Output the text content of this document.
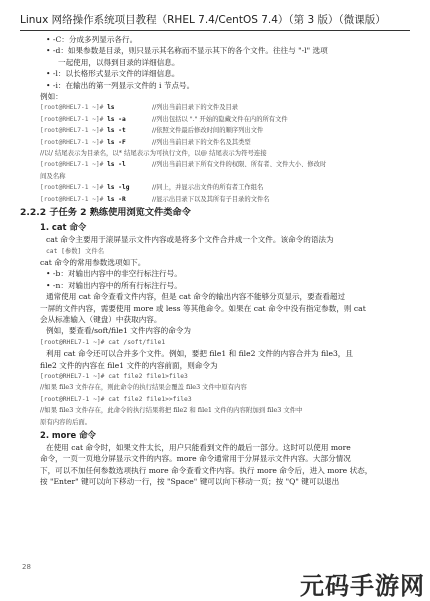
Linux 网络操作系统项目教程（RHEL 7.4/CentOS 7.4）（第 3 版）（微课版）
• -C：分成多列显示各行。
• -d：如果参数是目录，则只显示其名称而不显示其下的各个文件。往往与 "-l" 选项
一起使用，以得到目录的详细信息。
• -l：以长格形式显示文件的详细信息。
• -i：在输出的第一列显示文件的 i 节点号。
例如：
[root@RHEL7-1 ~]# ls	//列出当前目录下的文件及目录
[root@RHEL7-1 ~]# ls -a	//列出包括以 "." 开始的隐藏文件在内的所有文件
[root@RHEL7-1 ~]# ls -t	//依照文件最后修改时间的顺序列出文件
[root@RHEL7-1 ~]# ls -F	//列出当前目录下的文件名及其类型
//以/ 结尾表示为目录名，以* 结尾表示为可执行文件，以@ 结尾表示为符号连接
[root@RHEL7-1 ~]# ls -l	//列出当前目录下所有文件的权限、所有者、文件大小、修改时
间及名称
[root@RHEL7-1 ~]# ls -lg	//同上，并显示出文件的所有者工作组名
[root@RHEL7-1 ~]# ls -R	//显示出目录下以及其所有子目录的文件名
2.2.2 子任务 2 熟练使用浏览文件类命令
1. cat 命令
cat 命令主要用于滚屏显示文件内容或是将多个文件合并成一个文件。该命令的语法为
cat [参数] 文件名
cat 命令的常用参数选项如下。
• -b：对输出内容中的非空行标注行号。
• -n：对输出内容中的所有行标注行号。
通常使用 cat 命令查看文件内容，但是 cat 命令的输出内容不能够分页显示，要查看超过
一屏的文件内容，需要使用 more 或 less 等其他命令。如果在 cat 命令中没有指定参数，则 cat
会从标准输入（键盘）中获取内容。
例如，要查看/soft/file1 文件内容的命令为
[root@RHEL7-1 ~]# cat /soft/file1
利用 cat 命令还可以合并多个文件。例如，要把 file1 和 file2 文件的内容合并为 file3，且
file2 文件的内容在 file1 文件的内容前面，则命令为
[root@RHEL7-1 ~]# cat file2 file1>file3
//如果 file3 文件存在，则此命令的执行结果会覆盖 file3 文件中原有内容
[root@RHEL7-1 ~]# cat file2 file1>>file3
//如果 file3 文件存在，此命令的执行结果将把 file2 和 file1 文件的内容附加到 file3 文件中
原有内容的后面。
2. more 命令
在使用 cat 命令时，如果文件太长，用户只能看到文件的最后一部分。这时可以使用 more
命令，一页一页地分屏显示文件的内容。more 命令通常用于分屏显示文件内容。大部分情况
下，可以不加任何参数选项执行 more 命令查看文件内容。执行 more 命令后，进入 more 状态，
按 "Enter" 键可以向下移动一行，按 "Space" 键可以向下移动一页；按 "Q" 键可以退出
28
元码手游网
